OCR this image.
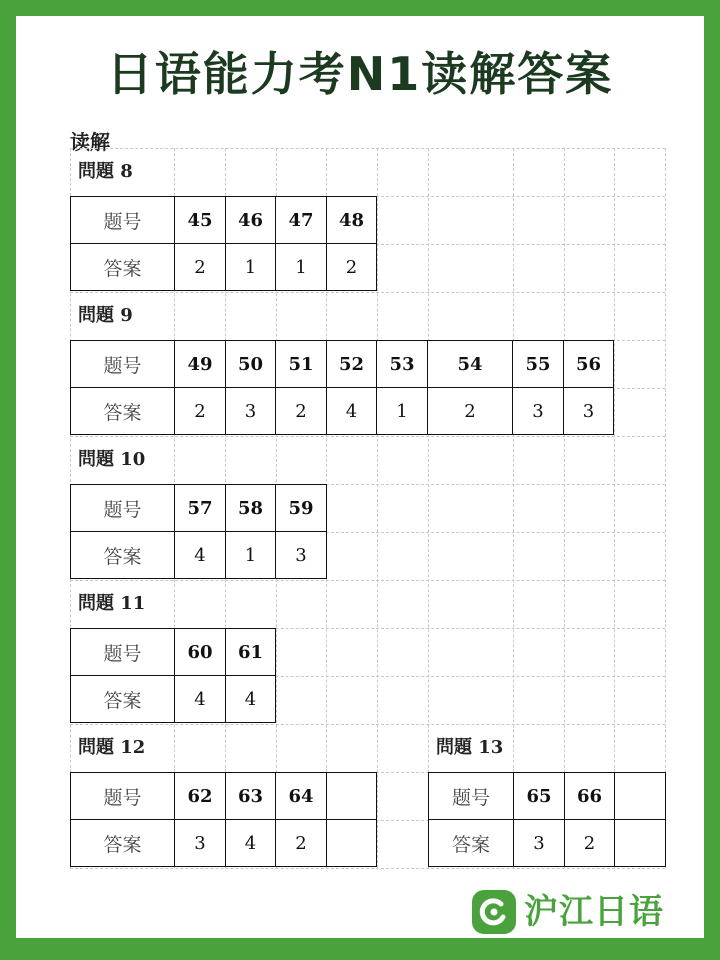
日语能力考N1读解答案
读解
問題 8
题号	45	46	47	48
答案	2	1	1	2
問題 9
题号	49	50	51	52	53	54	55	56
答案	2	3	2	4	1	2	3	3
問題 10
题号	57	58	59
答案	4	1	3
問題 11
题号	60	61
答案	4	4
問題 12
题号	62	63	64	
答案	3	4	2	
問題 13
题号	65	66	
答案	3	2	
沪江日语
